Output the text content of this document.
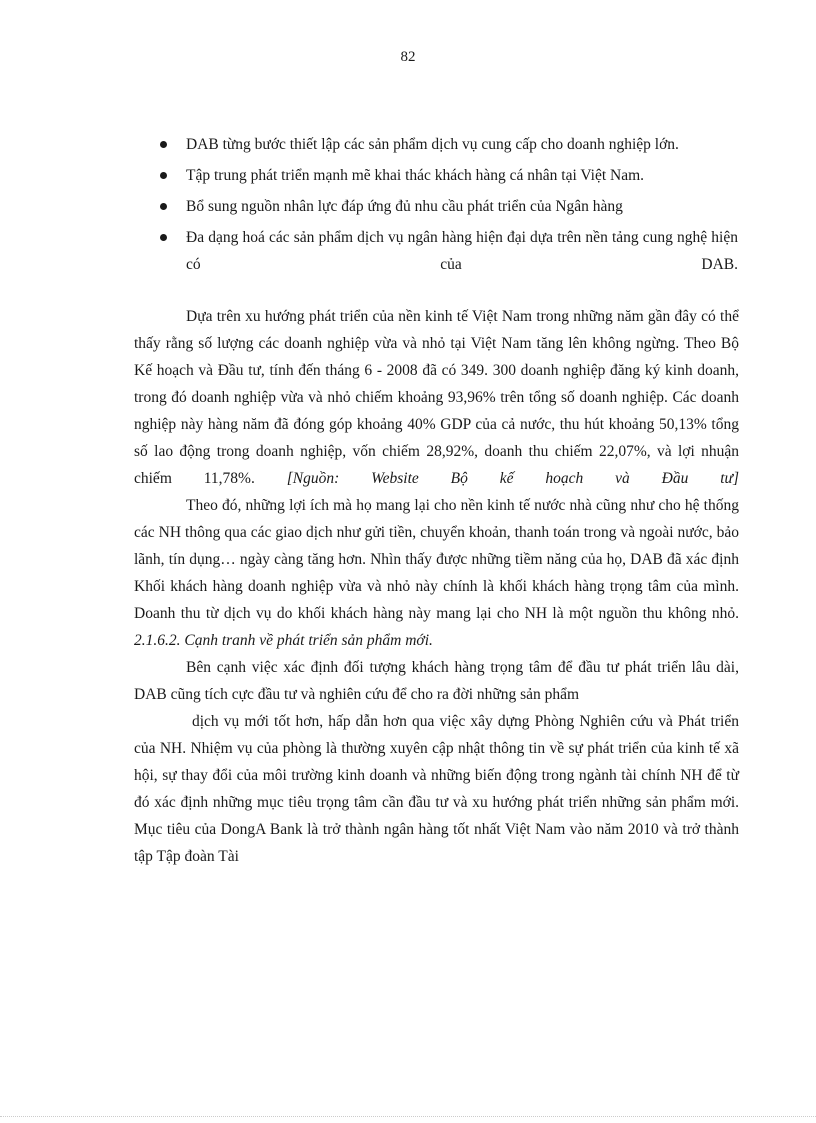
82
DAB từng bước thiết lập các sản phẩm dịch vụ cung cấp cho doanh nghiệp lớn.
Tập trung phát triển mạnh mẽ khai thác khách hàng cá nhân tại Việt Nam.
Bổ sung nguồn nhân lực đáp ứng đủ nhu cầu phát triển của Ngân hàng
Đa dạng hoá các sản phẩm dịch vụ ngân hàng hiện đại dựa trên nền tảng cung nghệ hiện có của DAB.

Dựa trên xu hướng phát triển của nền kinh tế Việt Nam trong những năm gần đây có thể thấy rằng số lượng các doanh nghiệp vừa và nhỏ tại Việt Nam tăng lên không ngừng. Theo Bộ Kế hoạch và Đầu tư, tính đến tháng 6 - 2008 đã có 349. 300 doanh nghiệp đăng ký kinh doanh, trong đó doanh nghiệp vừa và nhỏ chiếm khoảng 93,96% trên tổng số doanh nghiệp. Các doanh nghiệp này hàng năm đã đóng góp khoảng 40% GDP của cả nước, thu hút khoảng 50,13% tổng số lao động trong doanh nghiệp, vốn chiếm 28,92%, doanh thu chiếm 22,07%, và lợi nhuận chiếm 11,78%. [Nguồn: Website Bộ kế hoạch và Đầu tư]

Theo đó, những lợi ích mà họ mang lại cho nền kinh tế nước nhà cũng như cho hệ thống các NH thông qua các giao dịch như gửi tiền, chuyển khoản, thanh toán trong và ngoài nước, bảo lãnh, tín dụng… ngày càng tăng hơn. Nhìn thấy được những tiềm năng của họ, DAB đã xác định Khối khách hàng doanh nghiệp vừa và nhỏ này chính là khối khách hàng trọng tâm của mình. Doanh thu từ dịch vụ do khối khách hàng này mang lại cho NH là một nguồn thu không nhỏ.

2.1.6.2. Cạnh tranh về phát triển sản phẩm mới.

Bên cạnh việc xác định đối tượng khách hàng trọng tâm để đầu tư phát triển lâu dài, DAB cũng tích cực đầu tư và nghiên cứu để cho ra đời những sản phẩm

dịch vụ mới tốt hơn, hấp dẫn hơn qua việc xây dựng Phòng Nghiên cứu và Phát triển của NH. Nhiệm vụ của phòng là thường xuyên cập nhật thông tin về sự phát triển của kinh tế xã hội, sự thay đổi của môi trường kinh doanh và những biến động trong ngành tài chính NH để từ đó xác định những mục tiêu trọng tâm cần đầu tư và xu hướng phát triển những sản phẩm mới. Mục tiêu của DongA Bank là trở thành ngân hàng tốt nhất Việt Nam vào năm 2010 và trở thành tập Tập đoàn Tài
